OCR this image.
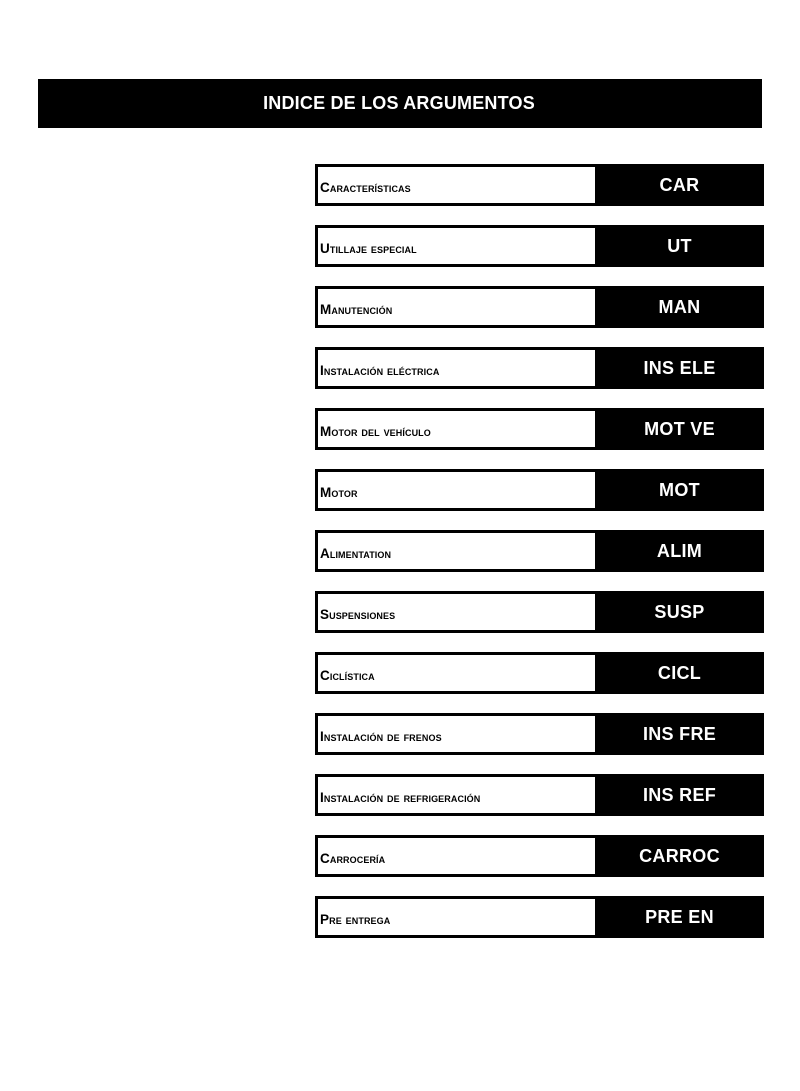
INDICE DE LOS ARGUMENTOS
Características	CAR
Utillaje especial	UT
Manutención	MAN
Instalación eléctrica	INS ELE
Motor del vehículo	MOT VE
Motor	MOT
Alimentation	ALIM
Suspensiones	SUSP
Ciclística	CICL
Instalación de frenos	INS FRE
Instalación de refrigeración	INS REF
Carrocería	CARROC
Pre entrega	PRE EN
